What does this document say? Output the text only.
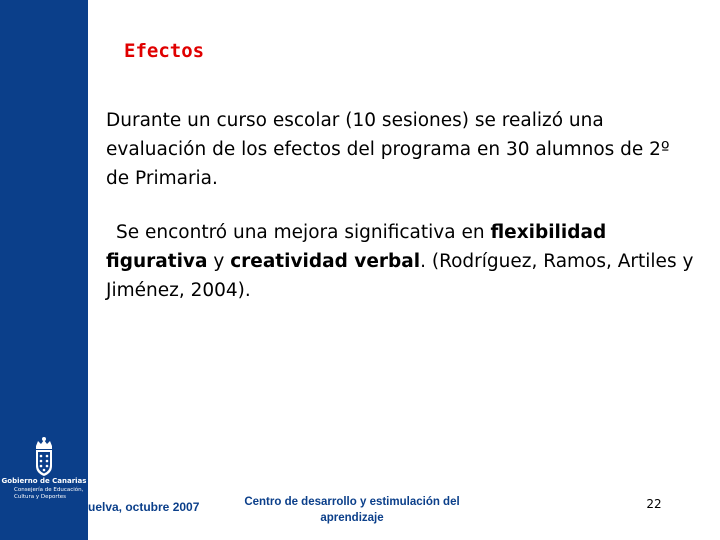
Gobierno de Canarias
Consejería de Educación, Cultura y Deportes
Efectos
Durante un curso escolar (10 sesiones) se realizó una evaluación de los efectos del programa en 30 alumnos de 2º de Primaria.
Se encontró una mejora significativa en flexibilidad figurativa y creatividad verbal. (Rodríguez, Ramos, Artiles y Jiménez, 2004).
uelva, octubre 2007	Centro de desarrollo y estimulación del aprendizaje
22
